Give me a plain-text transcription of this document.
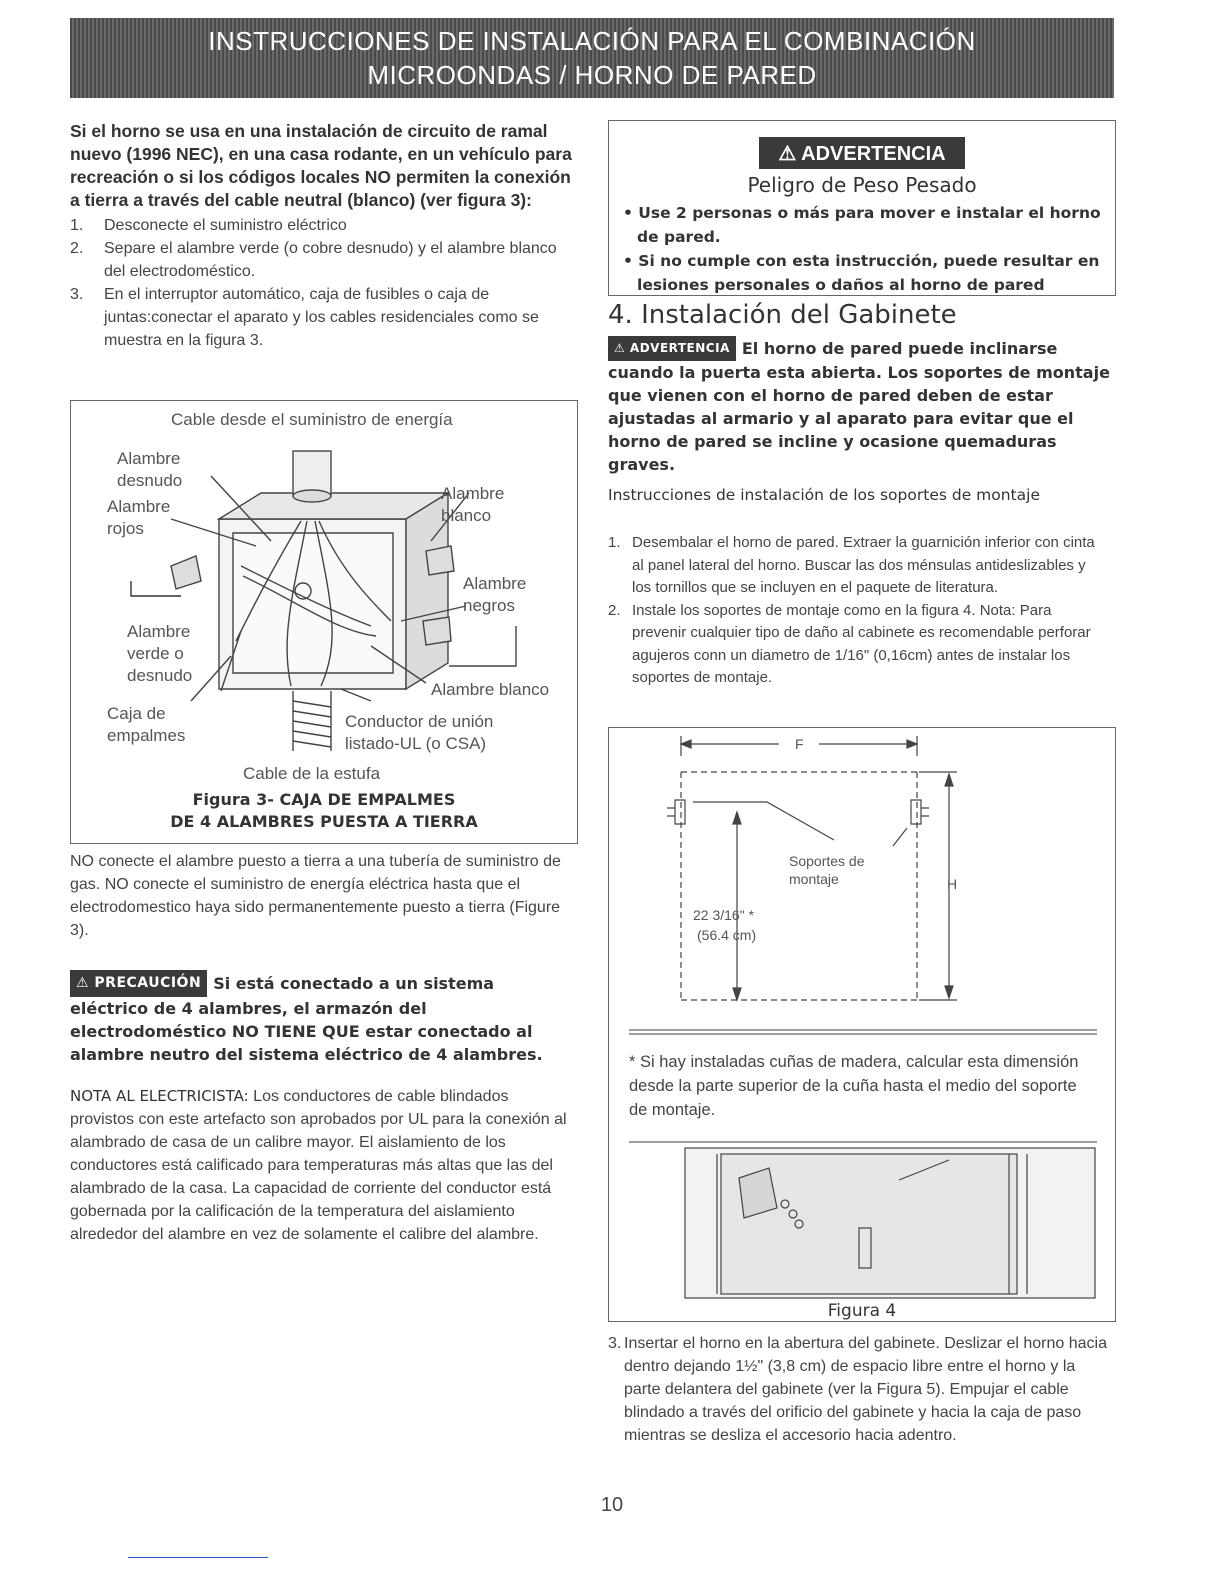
INSTRUCCIONES DE INSTALACIÓN PARA EL COMBINACIÓN
MICROONDAS / HORNO DE PARED
Si el horno se usa en una instalación de circuito de ramal nuevo (1996 NEC), en una casa rodante, en un vehículo para recreación o si los códigos locales NO permiten la conexión a tierra a través del cable neutral (blanco) (ver figura 3):
1.	Desconecte el suministro eléctrico
2.	Separe el alambre verde (o cobre desnudo) y el alambre blanco del electrodoméstico.
3.	En el interruptor automático, caja de fusibles o caja de juntas:conectar el aparato y los cables residenciales como se muestra en la figura 3.
Cable desde el suministro de energía
Alambre desnudo
Alambre rojos
Alambre blanco
Alambre negros
Alambre verde o desnudo
Alambre blanco
Caja de empalmes
Conductor de unión listado-UL (o CSA)
Cable de la estufa
Figura 3- CAJA DE EMPALMES
DE 4 ALAMBRES PUESTA A TIERRA
NO conecte el alambre puesto a tierra a una tubería de suministro de gas. NO conecte el suministro de energía eléctrica hasta que el electrodomestico haya sido permanentemente puesto a tierra (Figure 3).
⚠ PRECAUCIÓN Si está conectado a un sistema eléctrico de 4 alambres, el armazón del electrodoméstico NO TIENE QUE estar conectado al alambre neutro del sistema eléctrico de 4 alambres.
NOTA AL ELECTRICISTA: Los conductores de cable blindados provistos con este artefacto son aprobados por UL para la conexión al alambrado de casa de un calibre mayor. El aislamiento de los conductores está calificado para temperaturas más altas que las del alambrado de la casa. La capacidad de corriente del conductor está gobernada por la calificación de la temperatura del aislamiento alrededor del alambre en vez de solamente el calibre del alambre.
⚠ ADVERTENCIA
Peligro de Peso Pesado
• Use 2 personas o más para mover e instalar el horno de pared.
• Si no cumple con esta instrucción, puede resultar en lesiones personales o daños al horno de pared
4. Instalación del Gabinete
⚠ ADVERTENCIA El horno de pared puede inclinarse cuando la puerta esta abierta. Los soportes de montaje que vienen con el horno de pared deben de estar ajustadas al armario y al aparato para evitar que el horno de pared se incline y ocasione quemaduras graves.
Instrucciones de instalación de los soportes de montaje
1. Desembalar el horno de pared. Extraer la guarnición inferior con cinta al panel lateral del horno. Buscar las dos ménsulas antideslizables y los tornillos que se incluyen en el paquete de literatura.
2. Instale los soportes de montaje como en la figura 4. Nota: Para prevenir cualquier tipo de daño al cabinete es recomendable perforar agujeros conn un diametro de 1/16" (0,16cm) antes de instalar los soportes de montaje.
F
H
Soportes de montaje
22 3/16" *
(56.4 cm)
* Si hay instaladas cuñas de madera, calcular esta dimensión desde la parte superior de la cuña hasta el medio del soporte de montaje.
Figura 4
3. Insertar el horno en la abertura del gabinete. Deslizar el horno hacia dentro dejando 1½" (3,8 cm) de espacio libre entre el horno y la parte delantera del gabinete (ver la Figura 5). Empujar el cable blindado a través del orificio del gabinete y hacia la caja de paso mientras se desliza el accesorio hacia adentro.
10
